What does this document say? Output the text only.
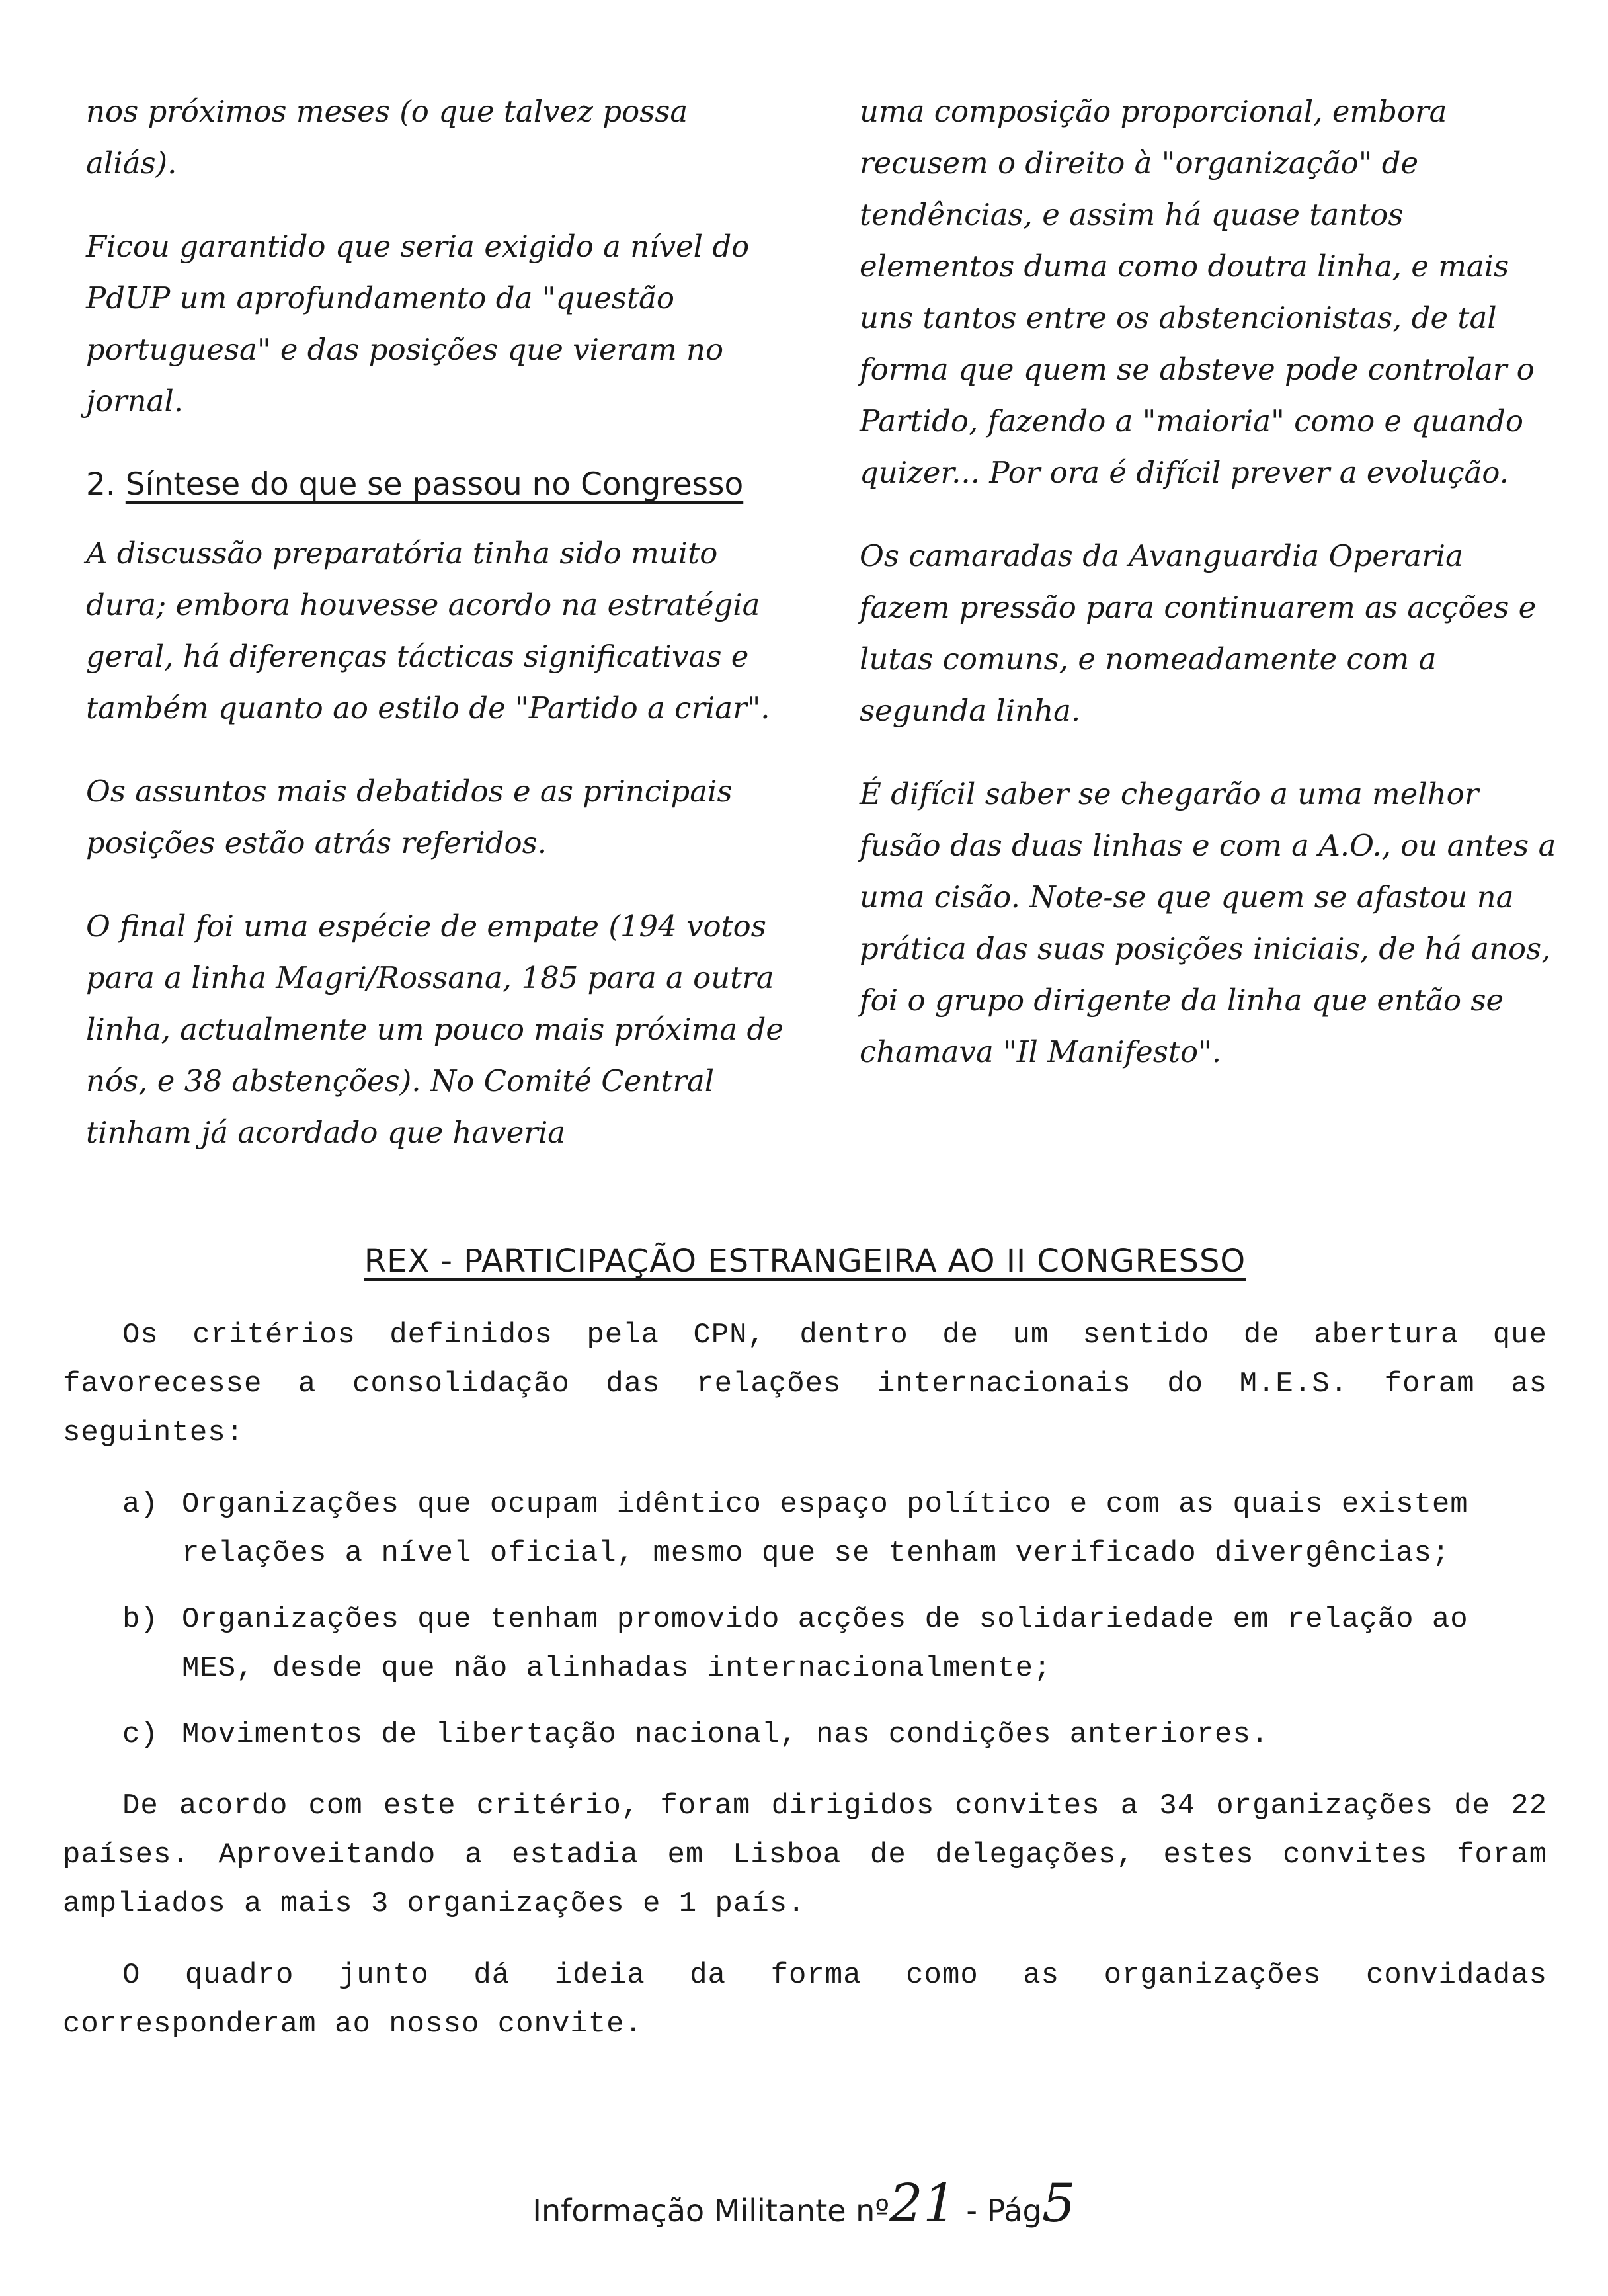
nos próximos meses (o que talvez possa aliás).

Ficou garantido que seria exigido a nível do PdUP um aprofundamento da "questão portuguesa" e das posições que vieram no jornal.

2. Síntese do que se passou no Congresso

A discussão preparatória tinha sido muito dura; embora houvesse acordo na estratégia geral, há diferenças tácticas significativas e também quanto ao estilo de "Partido a criar".

Os assuntos mais debatidos e as principais posições estão atrás referidos.

O final foi uma espécie de empate (194 votos para a linha Magri/Rossana, 185 para a outra linha, actualmente um pouco mais próxima de nós, e 38 abstenções). No Comité Central tinham já acordado que haveria

uma composição proporcional, embora recusem o direito à "organização" de tendências, e assim há quase tantos elementos duma como doutra linha, e mais uns tantos entre os abstencionistas, de tal forma que quem se absteve pode controlar o Partido, fazendo a "maioria" como e quando quizer... Por ora é difícil prever a evolução.

Os camaradas da Avanguardia Operaria fazem pressão para continuarem as acções e lutas comuns, e nomeadamente com a segunda linha.

É difícil saber se chegarão a uma melhor fusão das duas linhas e com a A.O., ou antes a uma cisão. Note-se que quem se afastou na prática das suas posições iniciais, de há anos, foi o grupo dirigente da linha que então se chamava "Il Manifesto".

REX - PARTICIPAÇÃO ESTRANGEIRA AO II CONGRESSO

Os critérios definidos pela CPN, dentro de um sentido de abertura que favorecesse a consolidação das relações internacionais do M.E.S. foram as seguintes:

a) Organizações que ocupam idêntico espaço político e com as quais existem relações a nível oficial, mesmo que se tenham verificado divergências;
b) Organizações que tenham promovido acções de solidariedade em relação ao MES, desde que não alinhadas internacionalmente;
c) Movimentos de libertação nacional, nas condições anteriores.

De acordo com este critério, foram dirigidos convites a 34 organizações de 22 países. Aproveitando a estadia em Lisboa de delegações, estes convites foram ampliados a mais 3 organizações e 1 país.

O quadro junto dá ideia da forma como as organizações convidadas corresponderam ao nosso convite.

Informação Militante nº21 - Pág5
